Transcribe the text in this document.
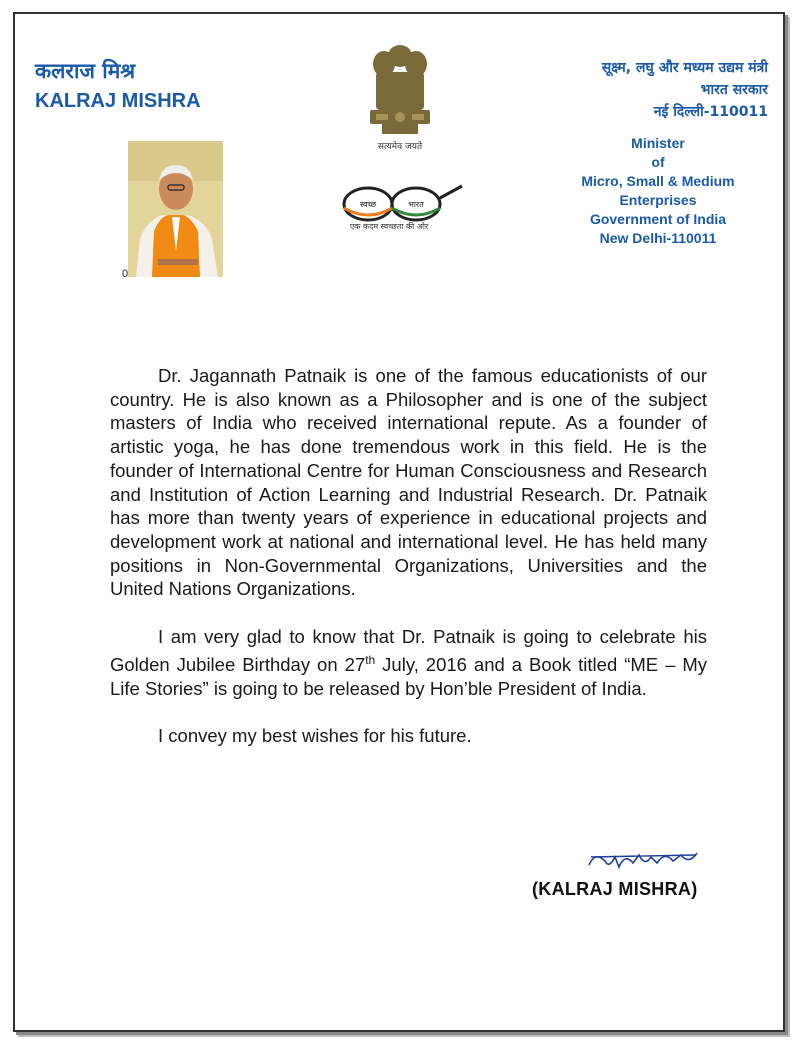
कलराज मिश्र
KALRAJ MISHRA
0
सत्यमेव जयते
स्वच्छ	भारत
एक कदम स्वच्छता की ओर
सूक्ष्म, लघु और मध्यम उद्यम मंत्री
भारत सरकार
नई दिल्ली-110011
Minister
of
Micro, Small & Medium Enterprises
Government of India
New Delhi-110011

Dr. Jagannath Patnaik is one of the famous educationists of our country. He is also known as a Philosopher and is one of the subject masters of India who received international repute. As a founder of artistic yoga, he has done tremendous work in this field. He is the founder of International Centre for Human Consciousness and Research and Institution of Action Learning and Industrial Research. Dr. Patnaik has more than twenty years of experience in educational projects and development work at national and international level. He has held many positions in Non-Governmental Organizations, Universities and the United Nations Organizations.

I am very glad to know that Dr. Patnaik is going to celebrate his Golden Jubilee Birthday on 27th July, 2016 and a Book titled “ME – My Life Stories” is going to be released by Hon’ble President of India.

I convey my best wishes for his future.

(KALRAJ MISHRA)
